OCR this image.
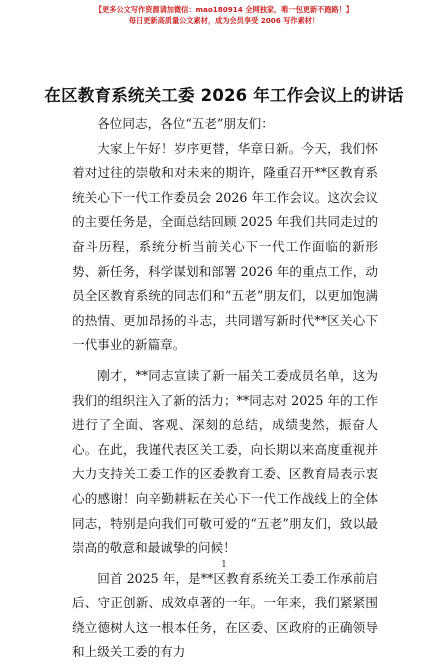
【更多公文写作资源请加微信：mao180914 全网独家，唯一包更新不跑路！】
每日更新高质量公文素材，成为会员享受 2006 写作素材！
在区教育系统关工委 2026 年工作会议上的讲话

各位同志，各位“五老”朋友们：

大家上午好！岁序更替，华章日新。今天，我们怀着对过往的崇敬和对未来的期许，隆重召开**区教育系统关心下一代工作委员会 2026 年工作会议。这次会议的主要任务是，全面总结回顾 2025 年我们共同走过的奋斗历程，系统分析当前关心下一代工作面临的新形势、新任务，科学谋划和部署 2026 年的重点工作，动员全区教育系统的同志们和“五老”朋友们，以更加饱满的热情、更加昂扬的斗志，共同谱写新时代**区关心下一代事业的新篇章。

刚才，**同志宣读了新一届关工委成员名单，这为我们的组织注入了新的活力；**同志对 2025 年的工作进行了全面、客观、深刻的总结，成绩斐然，振奋人心。在此，我谨代表区关工委，向长期以来高度重视并大力支持关工委工作的区委教育工委、区教育局表示衷心的感谢！向辛勤耕耘在关心下一代工作战线上的全体同志，特别是向我们可敬可爱的“五老”朋友们，致以最崇高的敬意和最诚挚的问候！

回首 2025 年，是**区教育系统关工委工作承前启后、守正创新、成效卓著的一年。一年来，我们紧紧围绕立德树人这一根本任务，在区委、区政府的正确领导和上级关工委的有力

1
